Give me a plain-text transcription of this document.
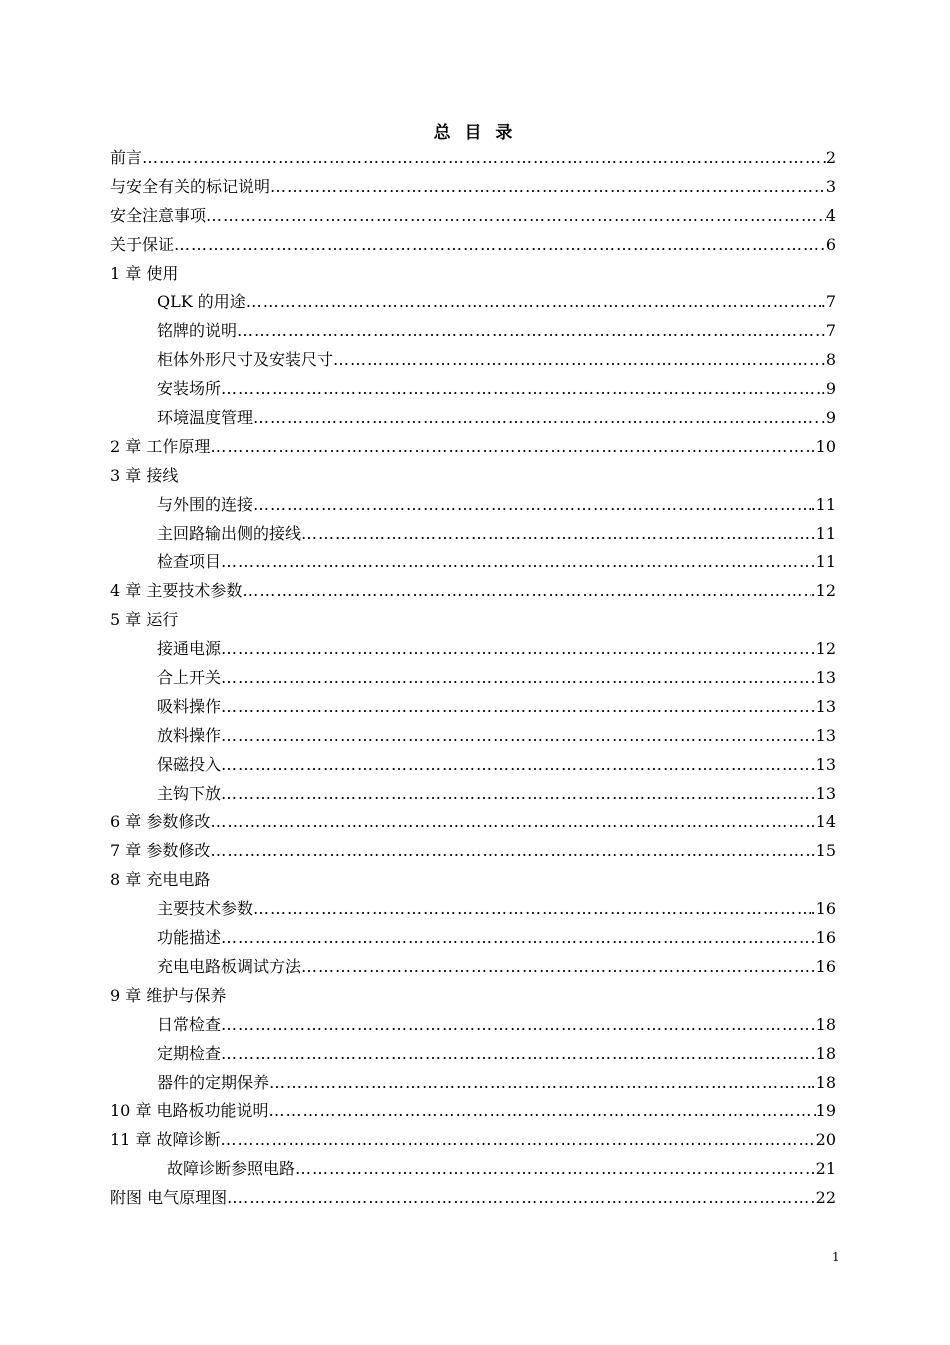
总 目 录
前言 ………………………………………………………………………………………………………………………………………………………………	2
与安全有关的标记说明 ………………………………………………………………………………………………………………………………………………………………	3
安全注意事项 ………………………………………………………………………………………………………………………………………………………………	4
关于保证 ………………………………………………………………………………………………………………………………………………………………	6
1 章 使用
QLK 的用途 ………………………………………………………………………………………………………………………………………………………………	.7
铭牌的说明 ………………………………………………………………………………………………………………………………………………………………	.7
柜体外形尺寸及安装尺寸 ………………………………………………………………………………………………………………………………………………………………	.8
安装场所 ………………………………………………………………………………………………………………………………………………………………	.9
环境温度管理 ………………………………………………………………………………………………………………………………………………………………	.9
2 章 工作原理 ………………………………………………………………………………………………………………………………………………………………	.10
3 章 接线
与外围的连接 ………………………………………………………………………………………………………………………………………………………………	.11
主回路输出侧的接线 ………………………………………………………………………………………………………………………………………………………………	.11
检查项目 ………………………………………………………………………………………………………………………………………………………………	.11
4 章 主要技术参数 ………………………………………………………………………………………………………………………………………………………………	.12
5 章 运行
接通电源 ………………………………………………………………………………………………………………………………………………………………	.12
合上开关 ………………………………………………………………………………………………………………………………………………………………	.13
吸料操作 ………………………………………………………………………………………………………………………………………………………………	.13
放料操作 ………………………………………………………………………………………………………………………………………………………………	.13
保磁投入 ………………………………………………………………………………………………………………………………………………………………	.13
主钩下放 ………………………………………………………………………………………………………………………………………………………………	.13
6 章 参数修改 ………………………………………………………………………………………………………………………………………………………………	.14
7 章 参数修改 ………………………………………………………………………………………………………………………………………………………………	.15
8 章 充电电路
主要技术参数 ………………………………………………………………………………………………………………………………………………………………	.16
功能描述 ………………………………………………………………………………………………………………………………………………………………	.16
充电电路板调试方法 ………………………………………………………………………………………………………………………………………………………………	.16
9 章 维护与保养
日常检查 ………………………………………………………………………………………………………………………………………………………………	.18
定期检查 ………………………………………………………………………………………………………………………………………………………………	.18
器件的定期保养 ………………………………………………………………………………………………………………………………………………………………	.18
10 章 电路板功能说明 ………………………………………………………………………………………………………………………………………………………………	19
11 章 故障诊断 ………………………………………………………………………………………………………………………………………………………………	20
故障诊断参照电路 ………………………………………………………………………………………………………………………………………………………………	21
附图 电气原理图. ………………………………………………………………………………………………………………………………………………………………	22
1
